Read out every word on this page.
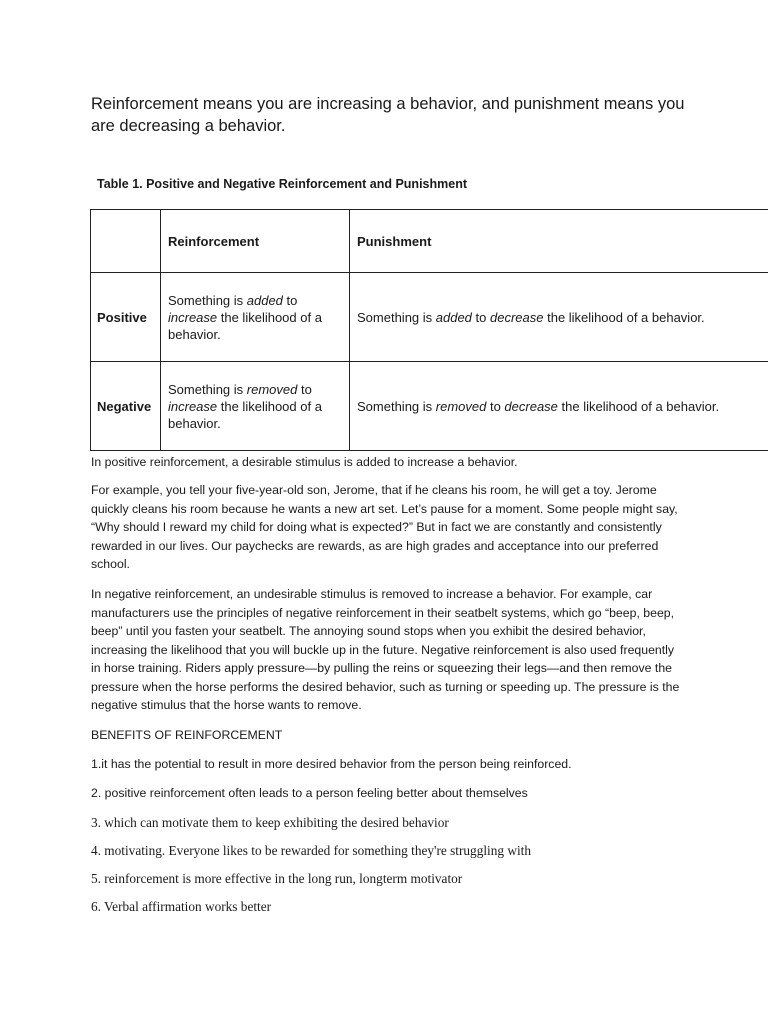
Reinforcement means you are increasing a behavior, and punishment means you are decreasing a behavior.
Table 1. Positive and Negative Reinforcement and Punishment
	Reinforcement	Punishment
Positive	Something is added to increase the likelihood of a behavior.	Something is added to decrease the likelihood of a behavior.
Negative	Something is removed to increase the likelihood of a behavior.	Something is removed to decrease the likelihood of a behavior.

In positive reinforcement, a desirable stimulus is added to increase a behavior.

For example, you tell your five-year-old son, Jerome, that if he cleans his room, he will get a toy. Jerome quickly cleans his room because he wants a new art set. Let’s pause for a moment. Some people might say, “Why should I reward my child for doing what is expected?” But in fact we are constantly and consistently rewarded in our lives. Our paychecks are rewards, as are high grades and acceptance into our preferred school.

In negative reinforcement, an undesirable stimulus is removed to increase a behavior. For example, car manufacturers use the principles of negative reinforcement in their seatbelt systems, which go “beep, beep, beep” until you fasten your seatbelt. The annoying sound stops when you exhibit the desired behavior, increasing the likelihood that you will buckle up in the future. Negative reinforcement is also used frequently in horse training. Riders apply pressure—by pulling the reins or squeezing their legs—and then remove the pressure when the horse performs the desired behavior, such as turning or speeding up. The pressure is the negative stimulus that the horse wants to remove.

BENEFITS OF REINFORCEMENT
1.it has the potential to result in more desired behavior from the person being reinforced.
2. positive reinforcement often leads to a person feeling better about themselves
3. which can motivate them to keep exhibiting the desired behavior
4. motivating. Everyone likes to be rewarded for something they're struggling with
5. reinforcement is more effective in the long run, longterm motivator
6. Verbal affirmation works better
